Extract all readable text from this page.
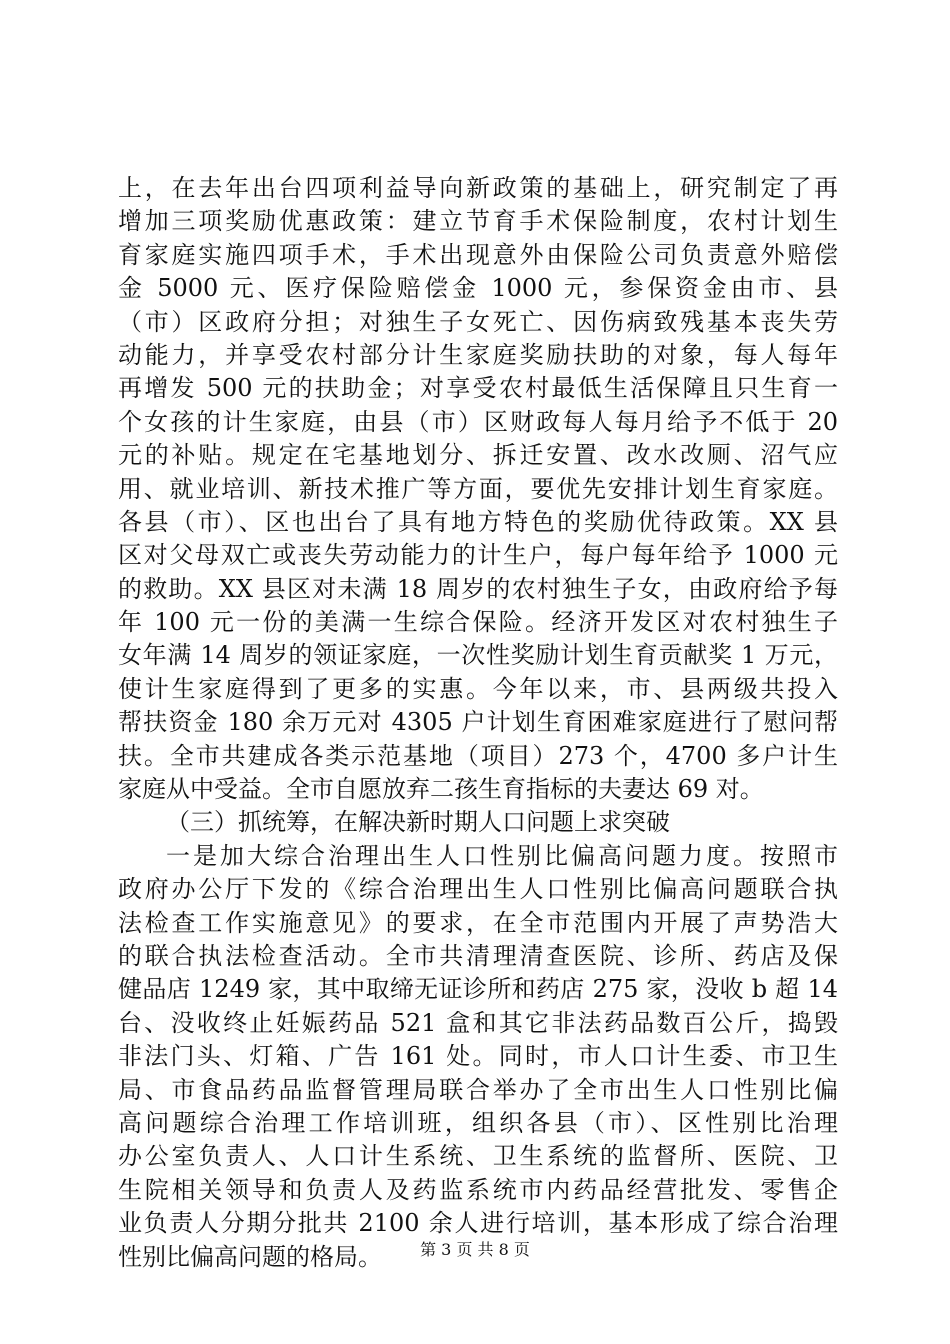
上，在去年出台四项利益导向新政策的基础上，研究制定了再
增加三项奖励优惠政策：建立节育手术保险制度，农村计划生
育家庭实施四项手术，手术出现意外由保险公司负责意外赔偿
金 5000 元、医疗保险赔偿金 1000 元，参保资金由市、县
（市）区政府分担；对独生子女死亡、因伤病致残基本丧失劳
动能力，并享受农村部分计生家庭奖励扶助的对象，每人每年
再增发 500 元的扶助金；对享受农村最低生活保障且只生育一
个女孩的计生家庭，由县（市）区财政每人每月给予不低于 20
元的补贴。规定在宅基地划分、拆迁安置、改水改厕、沼气应
用、就业培训、新技术推广等方面，要优先安排计划生育家庭。
各县（市）、区也出台了具有地方特色的奖励优待政策。XX 县
区对父母双亡或丧失劳动能力的计生户，每户每年给予 1000 元
的救助。XX 县区对未满 18 周岁的农村独生子女，由政府给予每
年 100 元一份的美满一生综合保险。经济开发区对农村独生子
女年满 14 周岁的领证家庭，一次性奖励计划生育贡献奖 1 万元，
使计生家庭得到了更多的实惠。今年以来，市、县两级共投入
帮扶资金 180 余万元对 4305 户计划生育困难家庭进行了慰问帮
扶。全市共建成各类示范基地（项目）273 个，4700 多户计生
家庭从中受益。全市自愿放弃二孩生育指标的夫妻达 69 对。
（三）抓统筹，在解决新时期人口问题上求突破
一是加大综合治理出生人口性别比偏高问题力度。按照市
政府办公厅下发的《综合治理出生人口性别比偏高问题联合执
法检查工作实施意见》的要求，在全市范围内开展了声势浩大
的联合执法检查活动。全市共清理清查医院、诊所、药店及保
健品店 1249 家，其中取缔无证诊所和药店 275 家，没收 b 超 14
台、没收终止妊娠药品 521 盒和其它非法药品数百公斤，捣毁
非法门头、灯箱、广告 161 处。同时，市人口计生委、市卫生
局、市食品药品监督管理局联合举办了全市出生人口性别比偏
高问题综合治理工作培训班，组织各县（市）、区性别比治理
办公室负责人、人口计生系统、卫生系统的监督所、医院、卫
生院相关领导和负责人及药监系统市内药品经营批发、零售企
业负责人分期分批共 2100 余人进行培训，基本形成了综合治理
性别比偏高问题的格局。	第 3 页 共 8 页
